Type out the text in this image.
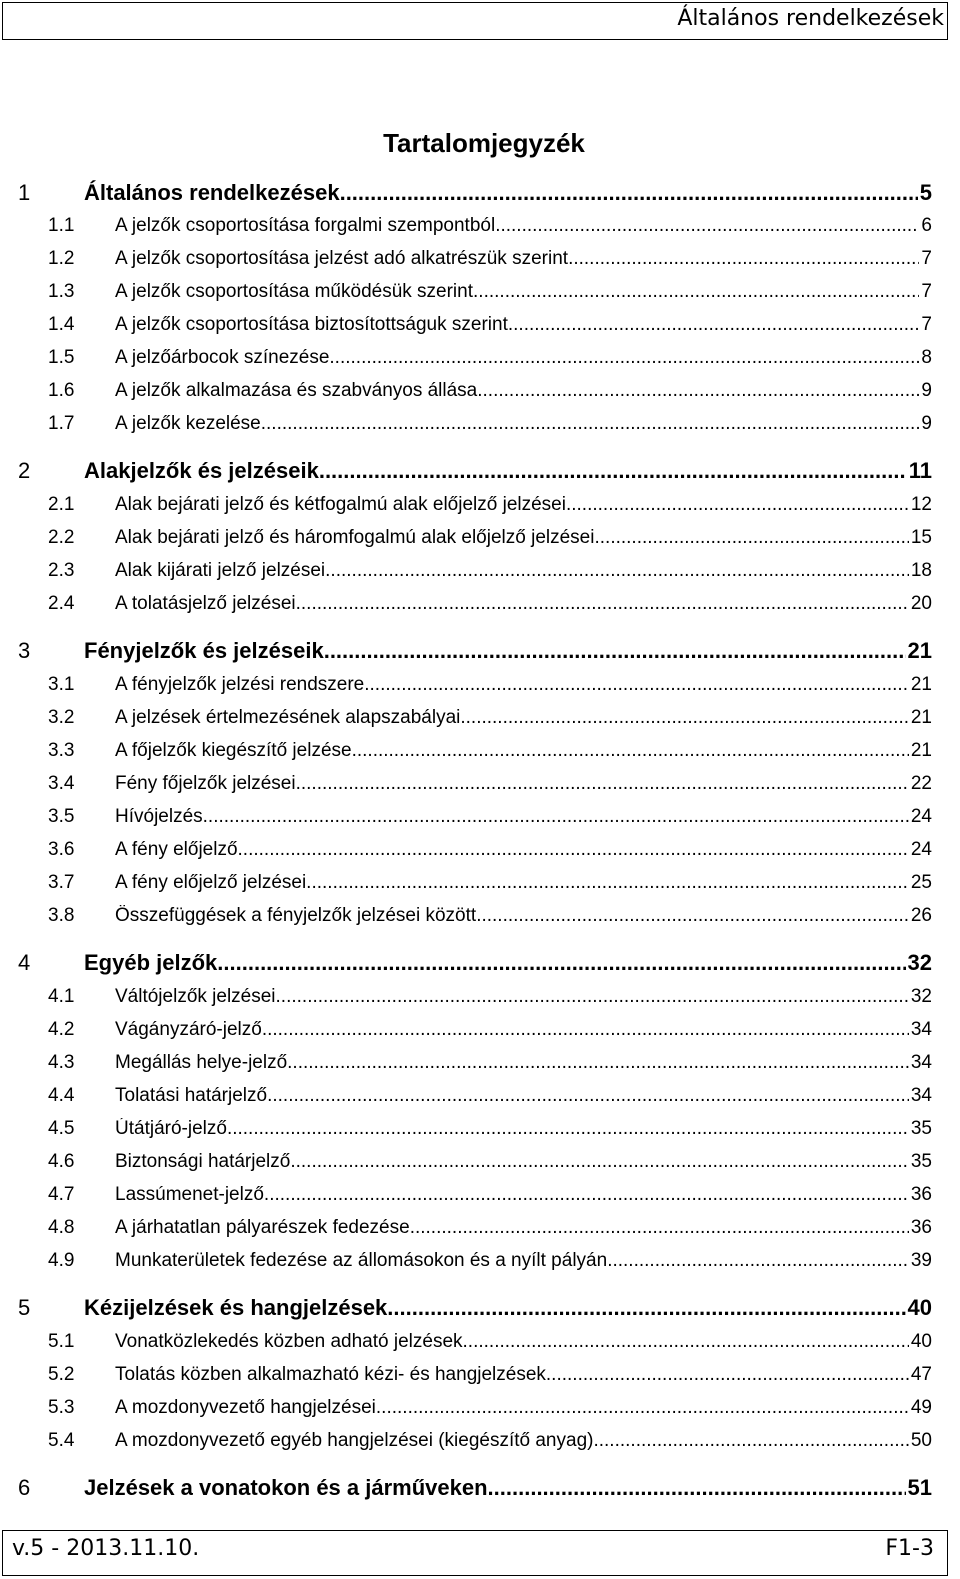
Általános rendelkezések
Tartalomjegyzék
1 Általános rendelkezések .....	5
1.1 A jelzők csoportosítása forgalmi szempontból .....	6
1.2 A jelzők csoportosítása jelzést adó alkatrészük szerint .....	7
1.3 A jelzők csoportosítása működésük szerint .....	7
1.4 A jelzők csoportosítása biztosítottságuk szerint .....	7
1.5 A jelzőárbocok színezése .....	8
1.6 A jelzők alkalmazása és szabványos állása .....	9
1.7 A jelzők kezelése .....	9
2 Alakjelzők és jelzéseik .....	11
2.1 Alak bejárati jelző és kétfogalmú alak előjelző jelzései .....	12
2.2 Alak bejárati jelző és háromfogalmú alak előjelző jelzései .....	15
2.3 Alak kijárati jelző jelzései .....	18
2.4 A tolatásjelző jelzései .....	20
3 Fényjelzők és jelzéseik .....	21
3.1 A fényjelzők jelzési rendszere .....	21
3.2 A jelzések értelmezésének alapszabályai .....	21
3.3 A főjelzők kiegészítő jelzése .....	21
3.4 Fény főjelzők jelzései .....	22
3.5 Hívójelzés .....	24
3.6 A fény előjelző .....	24
3.7 A fény előjelző jelzései .....	25
3.8 Összefüggések a fényjelzők jelzései között .....	26
4 Egyéb jelzők .....	32
4.1 Váltójelzők jelzései .....	32
4.2 Vágányzáró-jelző .....	34
4.3 Megállás helye-jelző .....	34
4.4 Tolatási határjelző .....	34
4.5 Útátjáró-jelző .....	35
4.6 Biztonsági határjelző .....	35
4.7 Lassúmenet-jelző .....	36
4.8 A járhatatlan pályarészek fedezése .....	36
4.9 Munkaterületek fedezése az állomásokon és a nyílt pályán .....	39
5 Kézijelzések és hangjelzések .....	40
5.1 Vonatközlekedés közben adható jelzések .....	40
5.2 Tolatás közben alkalmazható kézi- és hangjelzések .....	47
5.3 A mozdonyvezető hangjelzései .....	49
5.4 A mozdonyvezető egyéb hangjelzései (kiegészítő anyag) .....	50
6 Jelzések a vonatokon és a járműveken .....	51
v.5 - 2013.11.10.	F1-3
